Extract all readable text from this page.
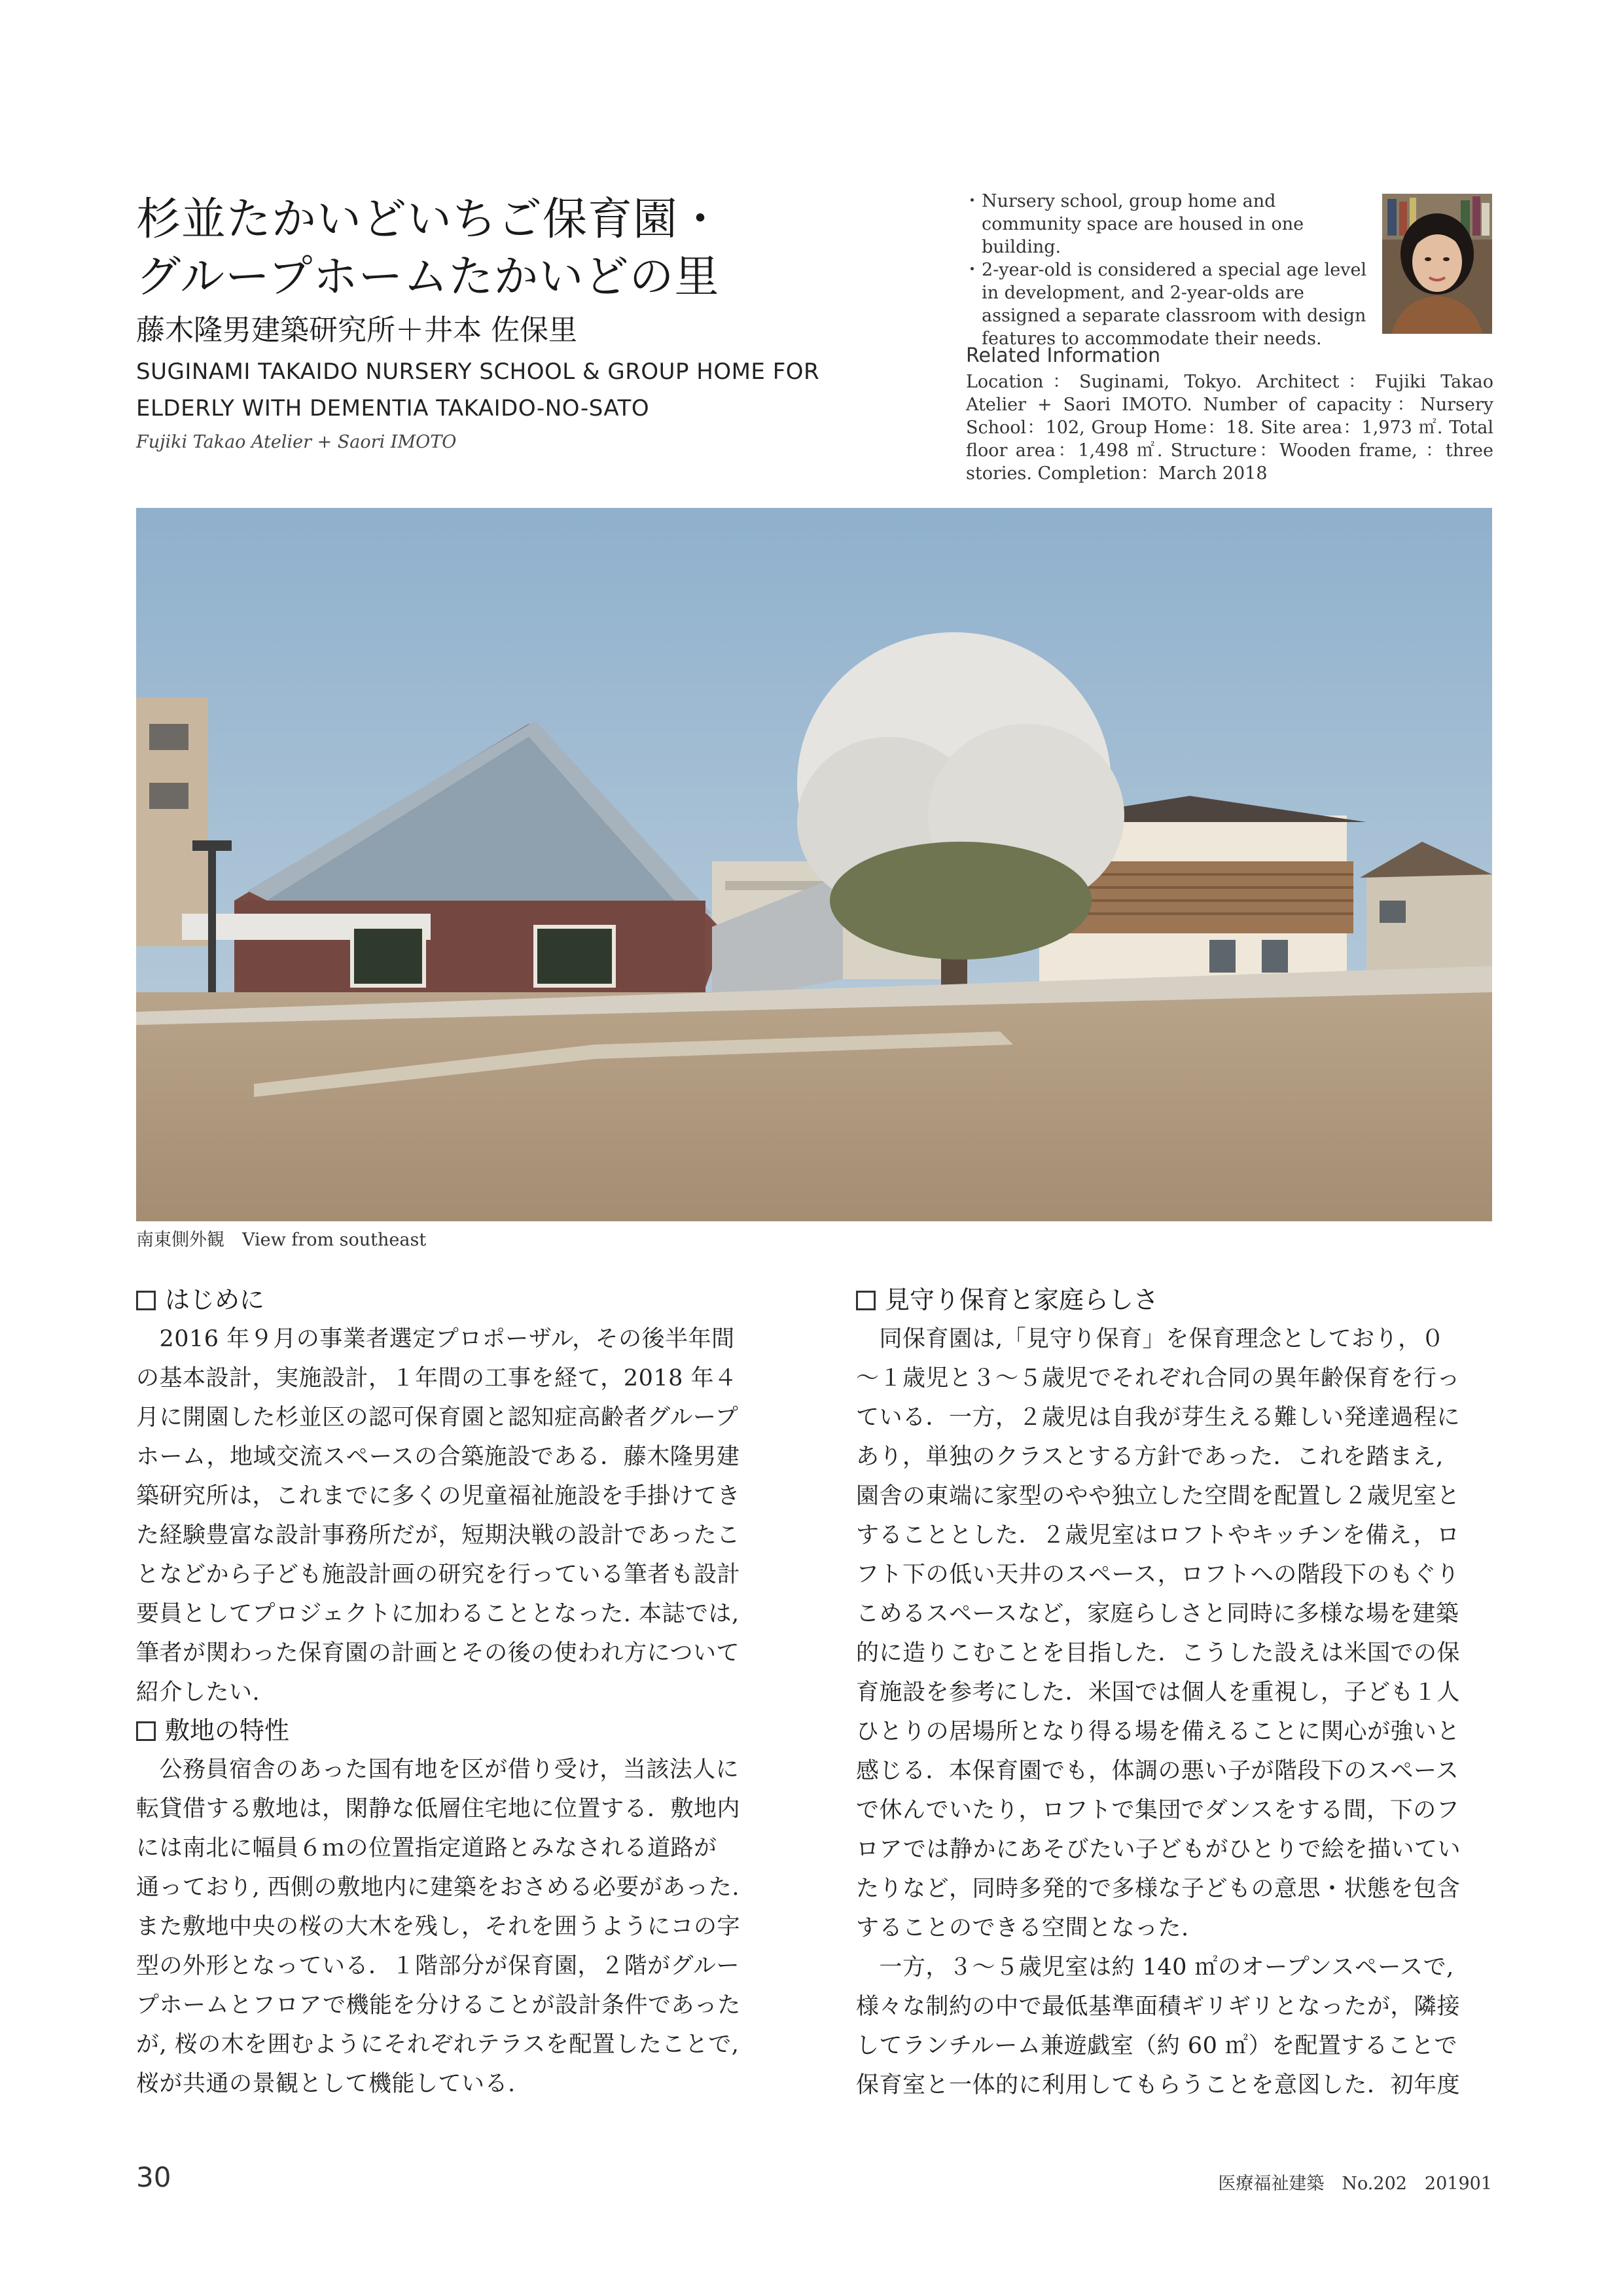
杉並たかいどいちご保育園・
グループホームたかいどの里
藤木隆男建築研究所＋井本 佐保里
SUGINAMI TAKAIDO NURSERY SCHOOL & GROUP HOME FOR
ELDERLY WITH DEMENTIA TAKAIDO-NO-SATO
Fujiki Takao Atelier + Saori IMOTO
・ Nursery school, group home and community space are housed in one building.
・ 2-year-old is considered a special age level in development, and 2-year-olds are assigned a separate classroom with design features to accommodate their needs.
Related Information
Location：Suginami, Tokyo. Architect：Fujiki Takao Atelier + Saori IMOTO. Number of capacity：Nursery School：102, Group Home：18. Site area：1,973 ㎡. Total floor area：1,498 ㎡. Structure：Wooden frame, ：three stories. Completion：March 2018
南東側外観　View from southeast
はじめに

　2016 年９月の事業者選定プロポーザル，その後半年間
の基本設計，実施設計，１年間の工事を経て，2018 年４
月に開園した杉並区の認可保育園と認知症高齢者グループ
ホーム，地域交流スペースの合築施設である．藤木隆男建
築研究所は，これまでに多くの児童福祉施設を手掛けてき
た経験豊富な設計事務所だが，短期決戦の設計であったこ
となどから子ども施設計画の研究を行っている筆者も設計
要員としてプロジェクトに加わることとなった. 本誌では,
筆者が関わった保育園の計画とその後の使われ方について
紹介したい.

敷地の特性

　公務員宿舎のあった国有地を区が借り受け，当該法人に
転貸借する敷地は，閑静な低層住宅地に位置する．敷地内
には南北に幅員６ｍの位置指定道路とみなされる道路が
通っており, 西側の敷地内に建築をおさめる必要があった.
また敷地中央の桜の大木を残し，それを囲うようにコの字
型の外形となっている．１階部分が保育園，２階がグルー
プホームとフロアで機能を分けることが設計条件であった
が, 桜の木を囲むようにそれぞれテラスを配置したことで,
桜が共通の景観として機能している.

見守り保育と家庭らしさ

　同保育園は,「見守り保育」を保育理念としており，０
～１歳児と３～５歳児でそれぞれ合同の異年齢保育を行っ
ている．一方，２歳児は自我が芽生える難しい発達過程に
あり，単独のクラスとする方針であった．これを踏まえ,
園舎の東端に家型のやや独立した空間を配置し２歳児室と
することとした．２歳児室はロフトやキッチンを備え，ロ
フト下の低い天井のスペース，ロフトへの階段下のもぐり
こめるスペースなど，家庭らしさと同時に多様な場を建築
的に造りこむことを目指した．こうした設えは米国での保
育施設を参考にした．米国では個人を重視し，子ども１人
ひとりの居場所となり得る場を備えることに関心が強いと
感じる．本保育園でも，体調の悪い子が階段下のスペース
で休んでいたり，ロフトで集団でダンスをする間，下のフ
ロアでは静かにあそびたい子どもがひとりで絵を描いてい
たりなど，同時多発的で多様な子どもの意思・状態を包含
することのできる空間となった.
　一方，３～５歳児室は約 140 ㎡のオープンスペースで,
様々な制約の中で最低基準面積ギリギリとなったが，隣接
してランチルーム兼遊戯室（約 60 ㎡）を配置することで
保育室と一体的に利用してもらうことを意図した．初年度

30	医療福祉建築　No.202　201901
